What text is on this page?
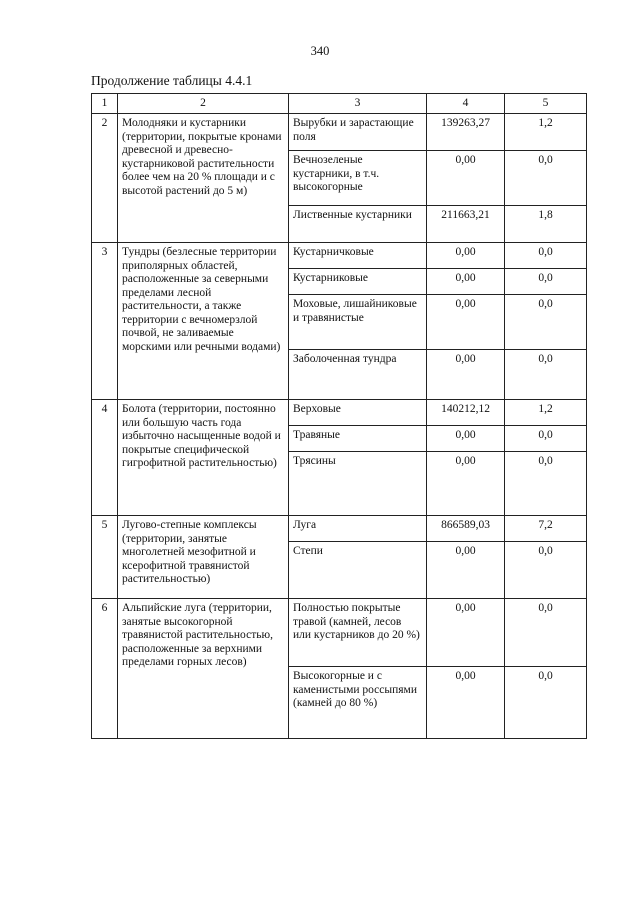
340
Продолжение таблицы 4.4.1
1	2	3	4	5
2	Молодняки и кустарники (территории, покрытые кронами древесной и древесно-кустарниковой растительности более чем на 20 % площади и с высотой растений до 5 м)	Вырубки и зарастающие поля	139263,27	1,2
		Вечнозеленые кустарники, в т.ч. высокогорные	0,00	0,0
		Лиственные кустарники	211663,21	1,8
3	Тундры (безлесные территории приполярных областей, расположенные за северными пределами лесной растительности, а также территории с вечномерзлой почвой, не заливаемые морскими или речными водами)	Кустарничковые	0,00	0,0
		Кустарниковые	0,00	0,0
		Моховые, лишайниковые и травянистые	0,00	0,0
		Заболоченная тундра	0,00	0,0
4	Болота (территории, постоянно или большую часть года избыточно насыщенные водой и покрытые специфической гигрофитной растительностью)	Верховые	140212,12	1,2
		Травяные	0,00	0,0
		Трясины	0,00	0,0
5	Лугово-степные комплексы (территории, занятые многолетней мезофитной и ксерофитной травянистой растительностью)	Луга	866589,03	7,2
		Степи	0,00	0,0
6	Альпийские луга (территории, занятые высокогорной травянистой растительностью, расположенные за верхними пределами горных лесов)	Полностью покрытые травой (камней, лесов или кустарников до 20 %)	0,00	0,0
		Высокогорные и с каменистыми россыпями (камней до 80 %)	0,00	0,0
